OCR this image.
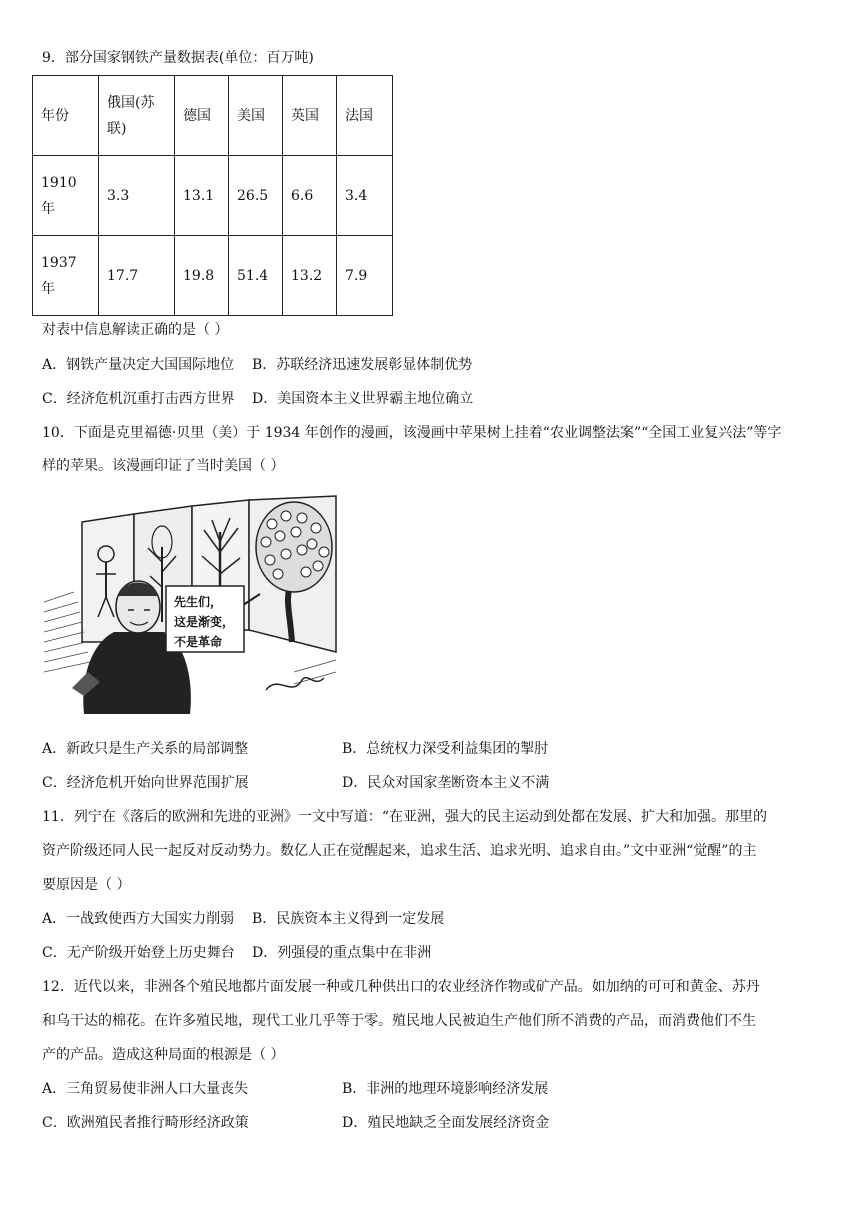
9．部分国家钢铁产量数据表(单位：百万吨)
年份	俄国(苏联)	德国	美国	英国	法国
1910年	3.3	13.1	26.5	6.6	3.4
1937年	17.7	19.8	51.4	13.2	7.9
对表中信息解读正确的是（ ）
A．钢铁产量决定大国国际地位 B．苏联经济迅速发展彰显体制优势
C．经济危机沉重打击西方世界 D．美国资本主义世界霸主地位确立
10．下面是克里福德·贝里（美）于 1934 年创作的漫画，该漫画中苹果树上挂着“农业调整法案”“全国工业复兴法”等字
样的苹果。该漫画印证了当时美国（ ）
先生们，
这是渐变，
不是革命
A．新政只是生产关系的局部调整	B．总统权力深受利益集团的掣肘
C．经济危机开始向世界范围扩展	D．民众对国家垄断资本主义不满
11．列宁在《落后的欧洲和先进的亚洲》一文中写道：“在亚洲，强大的民主运动到处都在发展、扩大和加强。那里的
资产阶级还同人民一起反对反动势力。数亿人正在觉醒起来，追求生活、追求光明、追求自由。”文中亚洲“觉醒”的主
要原因是（ ）
A．一战致使西方大国实力削弱 B．民族资本主义得到一定发展
C．无产阶级开始登上历史舞台 D．列强侵的重点集中在非洲
12．近代以来，非洲各个殖民地都片面发展一种或几种供出口的农业经济作物或矿产品。如加纳的可可和黄金、苏丹
和乌干达的棉花。在许多殖民地，现代工业几乎等于零。殖民地人民被迫生产他们所不消费的产品，而消费他们不生
产的产品。造成这种局面的根源是（ ）
A．三角贸易使非洲人口大量丧失	B．非洲的地理环境影响经济发展
C．欧洲殖民者推行畸形经济政策	D．殖民地缺乏全面发展经济资金
